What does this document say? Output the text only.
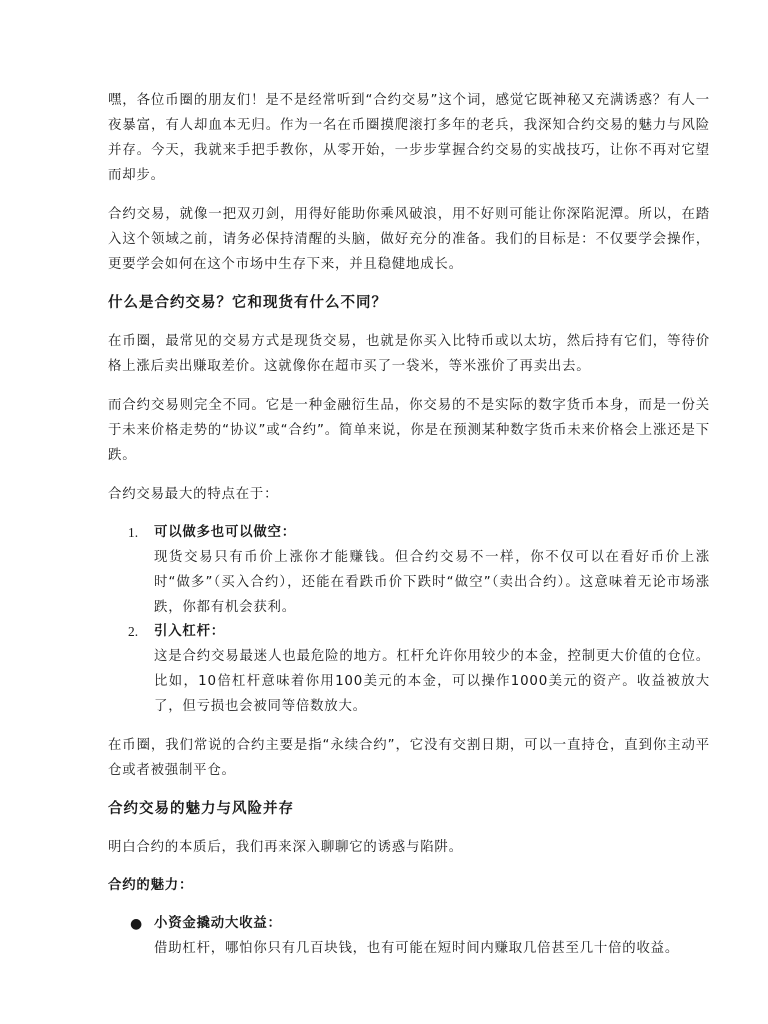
嘿，各位币圈的朋友们！是不是经常听到“合约交易”这个词，感觉它既神秘又充满诱惑？有人一夜暴富，有人却血本无归。作为一名在币圈摸爬滚打多年的老兵，我深知合约交易的魅力与风险并存。今天，我就来手把手教你，从零开始，一步步掌握合约交易的实战技巧，让你不再对它望而却步。

合约交易，就像一把双刃剑，用得好能助你乘风破浪，用不好则可能让你深陷泥潭。所以，在踏入这个领域之前，请务必保持清醒的头脑，做好充分的准备。我们的目标是：不仅要学会操作，更要学会如何在这个市场中生存下来，并且稳健地成长。

什么是合约交易？它和现货有什么不同？

在币圈，最常见的交易方式是现货交易，也就是你买入比特币或以太坊，然后持有它们，等待价格上涨后卖出赚取差价。这就像你在超市买了一袋米，等米涨价了再卖出去。

而合约交易则完全不同。它是一种金融衍生品，你交易的不是实际的数字货币本身，而是一份关于未来价格走势的“协议”或“合约”。简单来说，你是在预测某种数字货币未来价格会上涨还是下跌。

合约交易最大的特点在于：

1. 可以做多也可以做空：
现货交易只有币价上涨你才能赚钱。但合约交易不一样，你不仅可以在看好币价上涨时“做多”（买入合约），还能在看跌币价下跌时“做空”（卖出合约）。这意味着无论市场涨跌，你都有机会获利。
2. 引入杠杆：
这是合约交易最迷人也最危险的地方。杠杆允许你用较少的本金，控制更大价值的仓位。比如，10倍杠杆意味着你用100美元的本金，可以操作1000美元的资产。收益被放大了，但亏损也会被同等倍数放大。

在币圈，我们常说的合约主要是指“永续合约”，它没有交割日期，可以一直持仓，直到你主动平仓或者被强制平仓。

合约交易的魅力与风险并存

明白合约的本质后，我们再来深入聊聊它的诱惑与陷阱。

合约的魅力：
● 小资金撬动大收益：
借助杠杆，哪怕你只有几百块钱，也有可能在短时间内赚取几倍甚至几十倍的收益。
